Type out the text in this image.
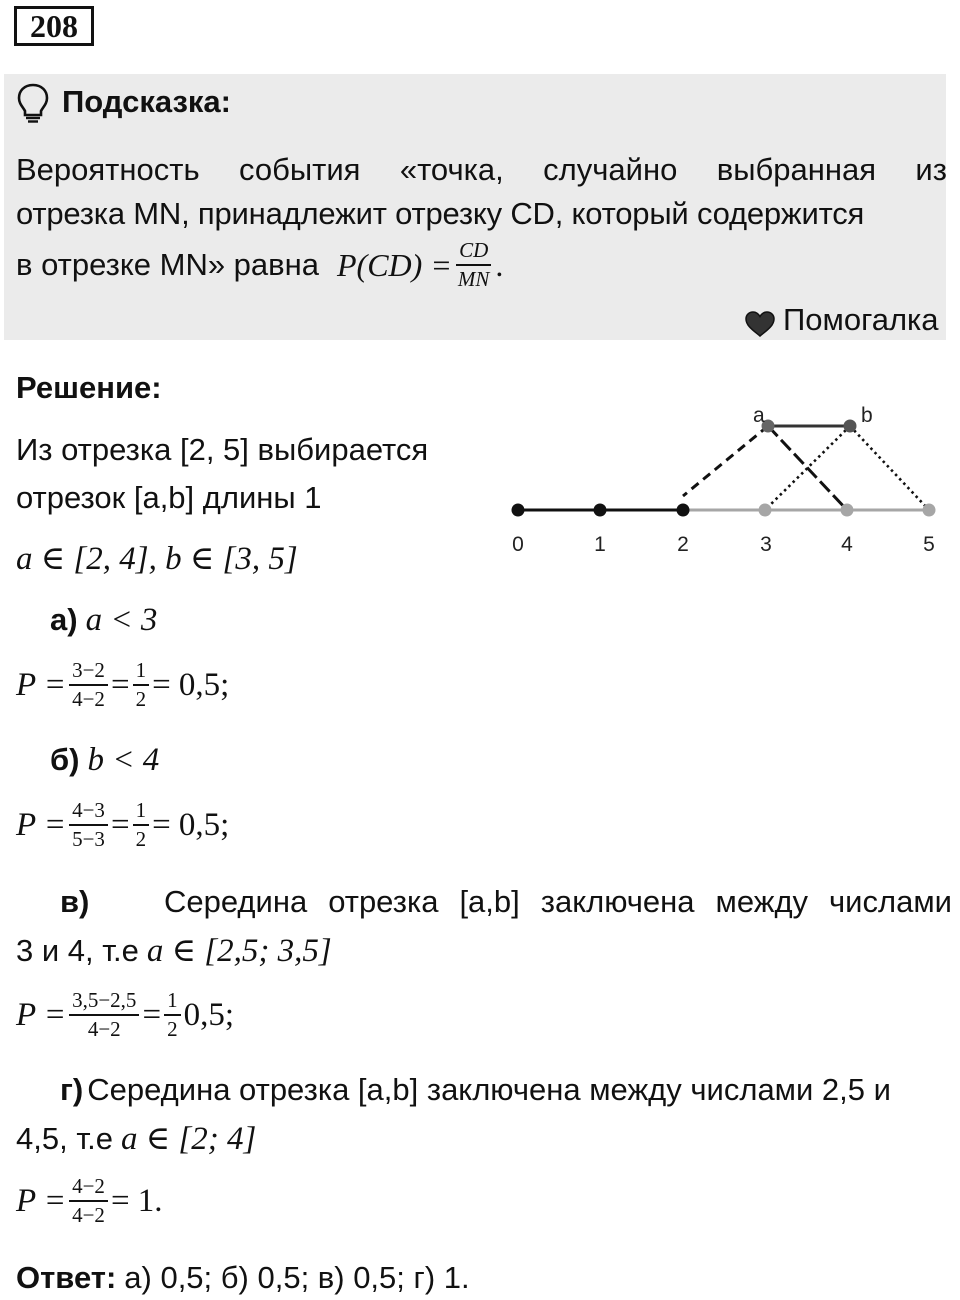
208
Подсказка:
Вероятность события «точка, случайно выбранная из
отрезка MN, принадлежит отрезку CD, который содержится
в отрезке MN» равна $P(CD) = \frac{CD}{MN}$ .
Помогалка
Решение:
Из отрезка [2, 5] выбирается
отрезок [a,b] длины 1
a ∈ [2, 4], b ∈ [3, 5]
а) a < 3
$P = \frac{3-2}{4-2} = \frac{1}{2} = 0,5$;
б) b < 4
$P = \frac{4-3}{5-3} = \frac{1}{2} = 0,5$;
в)	Середина отрезка [a,b] заключена между числами
3 и 4, т.е a ∈ [2,5; 3,5]
$P = \frac{3,5-2,5}{4-2} = \frac{1}{2} 0,5$;
г) Середина отрезка [a,b] заключена между числами 2,5 и
4,5, т.е a ∈ [2; 4]
$P = \frac{4-2}{4-2} = 1$.
Ответ: а) 0,5; б) 0,5; в) 0,5; г) 1.
a	b
0	1	2	3	4	5
